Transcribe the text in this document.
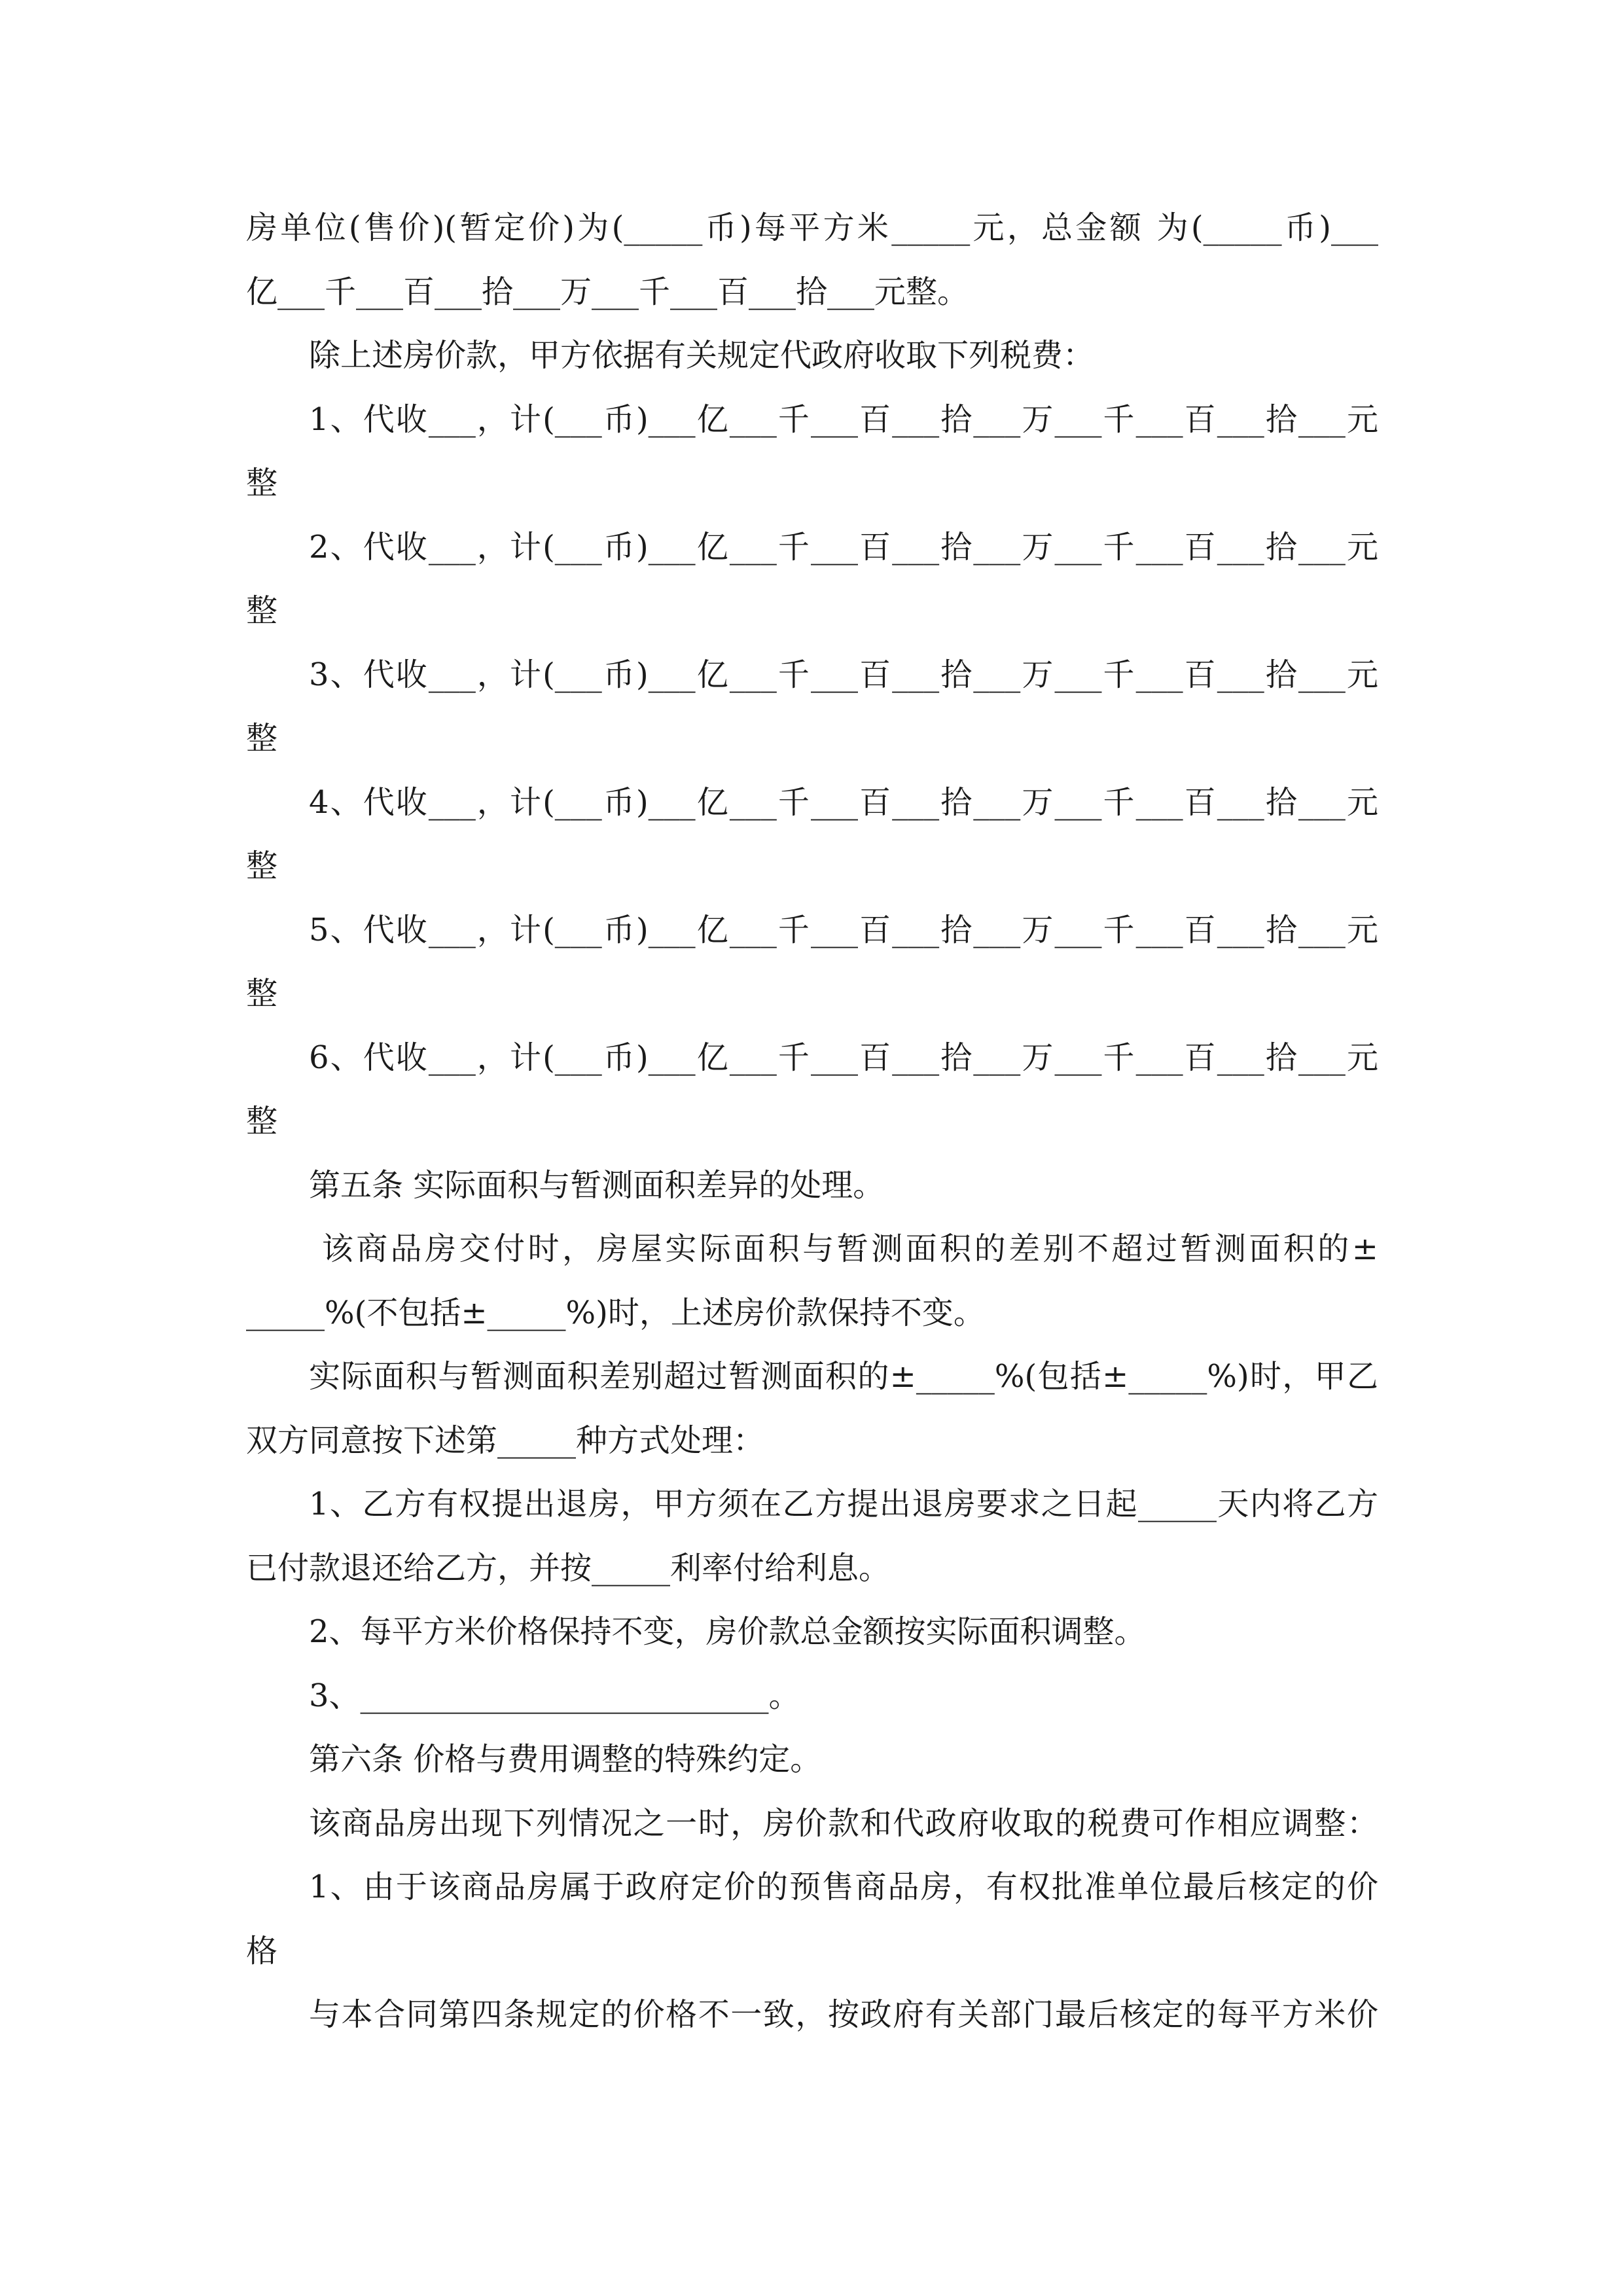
房单位(售价)(暂定价)为(_____币)每平方米_____元，总金额 为(_____币)___
亿___千___百___拾___万___千___百___拾___元整。
除上述房价款，甲方依据有关规定代政府收取下列税费：
1、代收___，计(___币)___亿___千___百___拾___万___千___百___拾___元
整
2、代收___，计(___币)___亿___千___百___拾___万___千___百___拾___元
整
3、代收___，计(___币)___亿___千___百___拾___万___千___百___拾___元
整
4、代收___，计(___币)___亿___千___百___拾___万___千___百___拾___元
整
5、代收___，计(___币)___亿___千___百___拾___万___千___百___拾___元
整
6、代收___，计(___币)___亿___千___百___拾___万___千___百___拾___元
整
第五条 实际面积与暂测面积差异的处理。
该商品房交付时，房屋实际面积与暂测面积的差别不超过暂测面积的±
_____%(不包括±_____%)时，上述房价款保持不变。
实际面积与暂测面积差别超过暂测面积的±_____%(包括±_____%)时，甲乙
双方同意按下述第_____种方式处理：
1、乙方有权提出退房，甲方须在乙方提出退房要求之日起_____天内将乙方
已付款退还给乙方，并按_____利率付给利息。
2、每平方米价格保持不变，房价款总金额按实际面积调整。
3、__________________________。
第六条 价格与费用调整的特殊约定。
该商品房出现下列情况之一时，房价款和代政府收取的税费可作相应调整：
1、由于该商品房属于政府定价的预售商品房，有权批准单位最后核定的价
格
与本合同第四条规定的价格不一致，按政府有关部门最后核定的每平方米价
